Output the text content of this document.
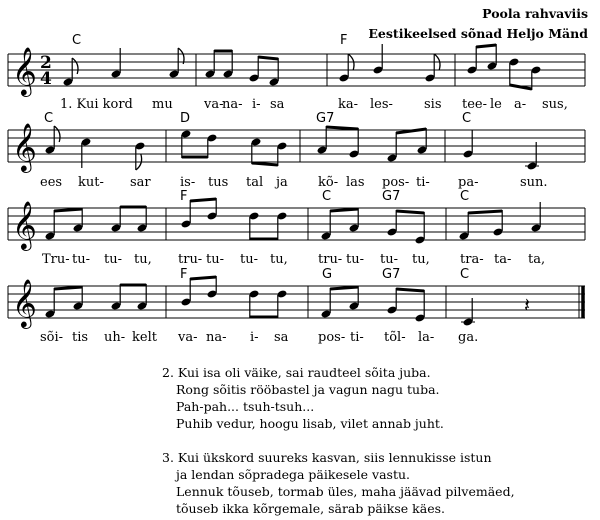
Poola rahvaviis
Eestikeelsed sõnad Heljo Mänd
𝄞 2
4
C	F
1. Kui kord mu va-
na- i- sa	ka- les- sis tee- le a- sus,
𝄞
C	D	G7	C
ees kut- sar is- tus tal ja kõ- las pos- ti- pa-	sun.
𝄞
F	C	G7	C
Tru- tu- tu- tu, tru- tu- tu- tu, tru- tu- tu- tu, tra- ta- ta,
𝄞	𝄽
F	G	G7	C
sõi- tis uh- kelt va- na- i- sa pos- ti- tõl- la- ga.

2. Kui isa oli väike, sai raudteel sõita juba.
Rong sõitis rööbastel ja vagun nagu tuba.
Pah-pah... tsuh-tsuh...
Puhib vedur, hoogu lisab, vilet annab juht.

3. Kui ükskord suureks kasvan, siis lennukisse istun
ja lendan sõpradega päikesele vastu.
Lennuk tõuseb, tormab üles, maha jäävad pilvemäed,
tõuseb ikka kõrgemale, särab päikse käes.
